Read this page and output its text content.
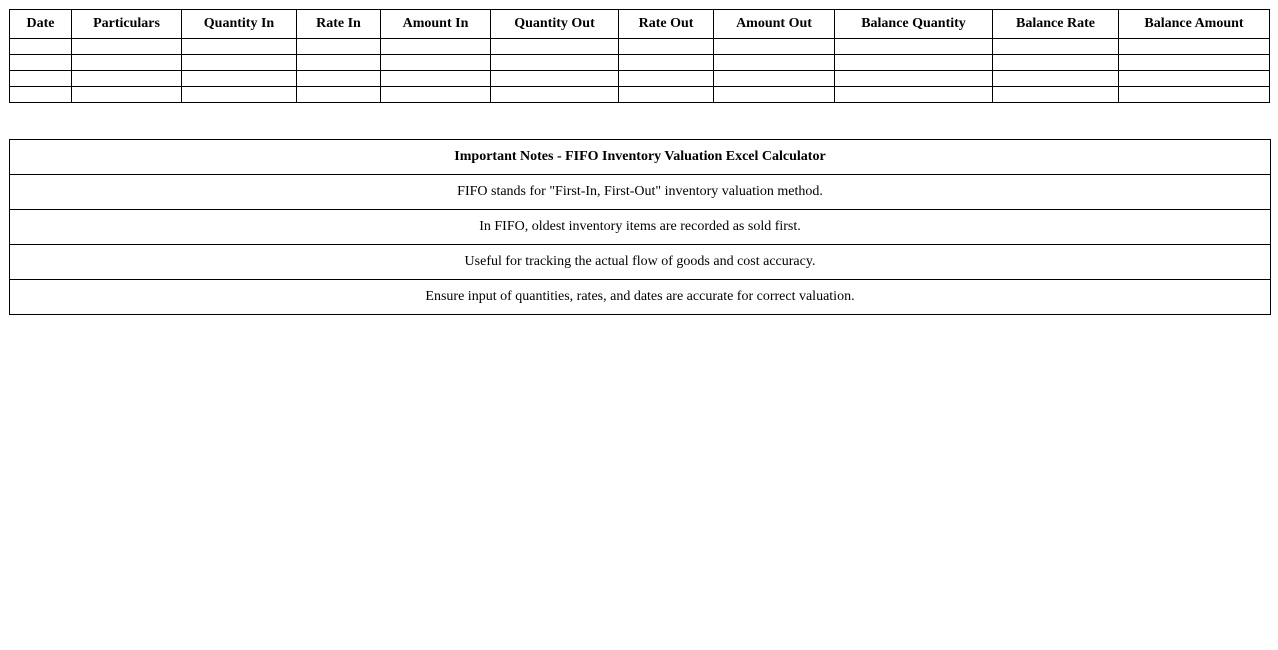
Date	Particulars	Quantity In	Rate In	Amount In	Quantity Out	Rate Out	Amount Out	Balance Quantity	Balance Rate	Balance Amount

Important Notes - FIFO Inventory Valuation Excel Calculator
FIFO stands for "First-In, First-Out" inventory valuation method.
In FIFO, oldest inventory items are recorded as sold first.
Useful for tracking the actual flow of goods and cost accuracy.
Ensure input of quantities, rates, and dates are accurate for correct valuation.
